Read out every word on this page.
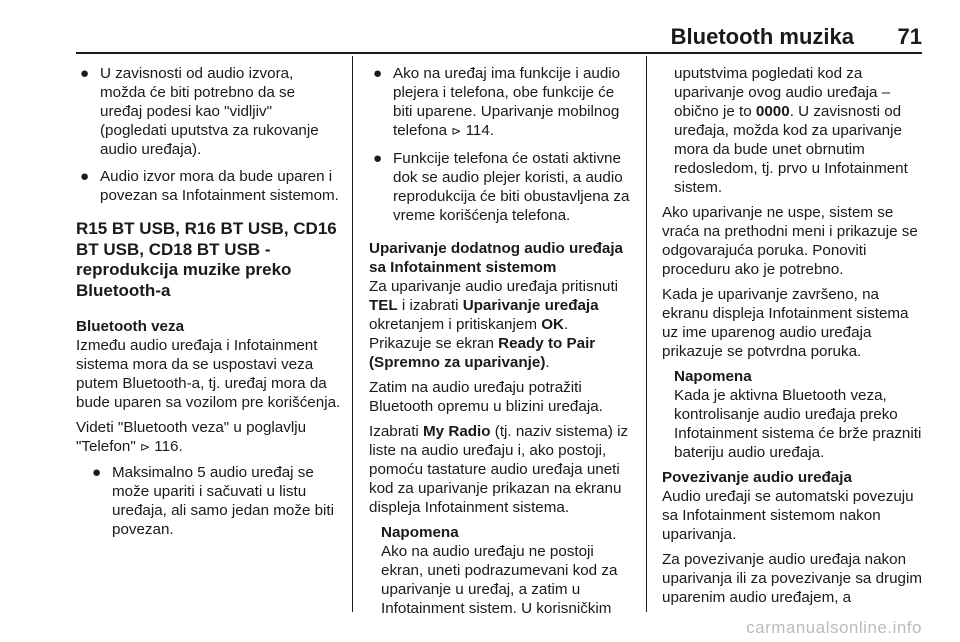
Bluetooth muzika 71
● U zavisnosti od audio izvora, možda će biti potrebno da se uređaj podesi kao "vidljiv" (pogledati uputstva za rukovanje audio uređaja).
● Audio izvor mora da bude uparen i povezan sa Infotainment sistemom.
R15 BT USB, R16 BT USB, CD16 BT USB, CD18 BT USB - reprodukcija muzike preko Bluetooth-a
Bluetooth veza

Između audio uređaja i Infotainment sistema mora da se uspostavi veza putem Bluetooth-a, tj. uređaj mora da bude uparen sa vozilom pre korišćenja.

Videti "Bluetooth veza" u poglavlju "Telefon" ⊳ 116.

● Maksimalno 5 audio uređaj se može upariti i sačuvati u listu uređaja, ali samo jedan može biti povezan.
● Ako na uređaj ima funkcije i audio plejera i telefona, obe funkcije će biti uparene. Uparivanje mobilnog telefona ⊳ 114.
● Funkcije telefona će ostati aktivne dok se audio plejer koristi, a audio reprodukcija će biti obustavljena za vreme korišćenja telefona.
Uparivanje dodatnog audio uređaja sa Infotainment sistemom

Za uparivanje audio uređaja pritisnuti TEL i izabrati Uparivanje uređaja okretanjem i pritiskanjem OK. Prikazuje se ekran Ready to Pair (Spremno za uparivanje).

Zatim na audio uređaju potražiti Bluetooth opremu u blizini uređaja.

Izabrati My Radio (tj. naziv sistema) iz liste na audio uređaju i, ako postoji, pomoću tastature audio uređaja uneti kod za uparivanje prikazan na ekranu displeja Infotainment sistema.

Napomena
Ako na audio uređaju ne postoji ekran, uneti podrazumevani kod za uparivanje u uređaj, a zatim u Infotainment sistem. U korisničkim

uputstvima pogledati kod za uparivanje ovog audio uređaja – obično je to 0000. U zavisnosti od uređaja, možda kod za uparivanje mora da bude unet obrnutim redosledom, tj. prvo u Infotainment sistem.

Ako uparivanje ne uspe, sistem se vraća na prethodni meni i prikazuje se odgovarajuća poruka. Ponoviti proceduru ako je potrebno.

Kada je uparivanje završeno, na ekranu displeja Infotainment sistema uz ime uparenog audio uređaja prikazuje se potvrdna poruka.

Napomena
Kada je aktivna Bluetooth veza, kontrolisanje audio uređaja preko Infotainment sistema će brže prazniti bateriju audio uređaja.
Povezivanje audio uređaja

Audio uređaji se automatski povezuju sa Infotainment sistemom nakon uparivanja.

Za povezivanje audio uređaja nakon uparivanja ili za povezivanje sa drugim uparenim audio uređajem, a

carmanualsonline.info
